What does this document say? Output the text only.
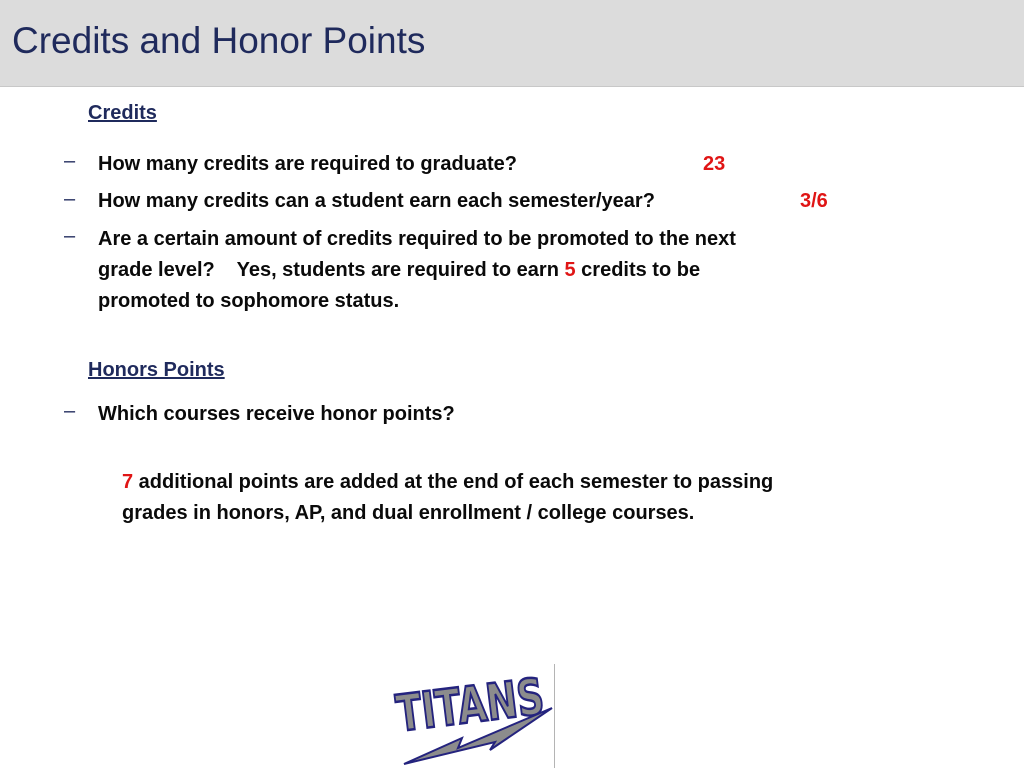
Credits and Honor Points
Credits
– How many credits are required to graduate?	23
– How many credits can a student earn each semester/year?	3/6
– Are a certain amount of credits required to be promoted to the next
grade level?    Yes, students are required to earn 5 credits to be
promoted to sophomore status.
Honors Points
– Which courses receive honor points?
7 additional points are added at the end of each semester to passing grades in honors, AP, and dual enrollment / college courses.
TITANS
